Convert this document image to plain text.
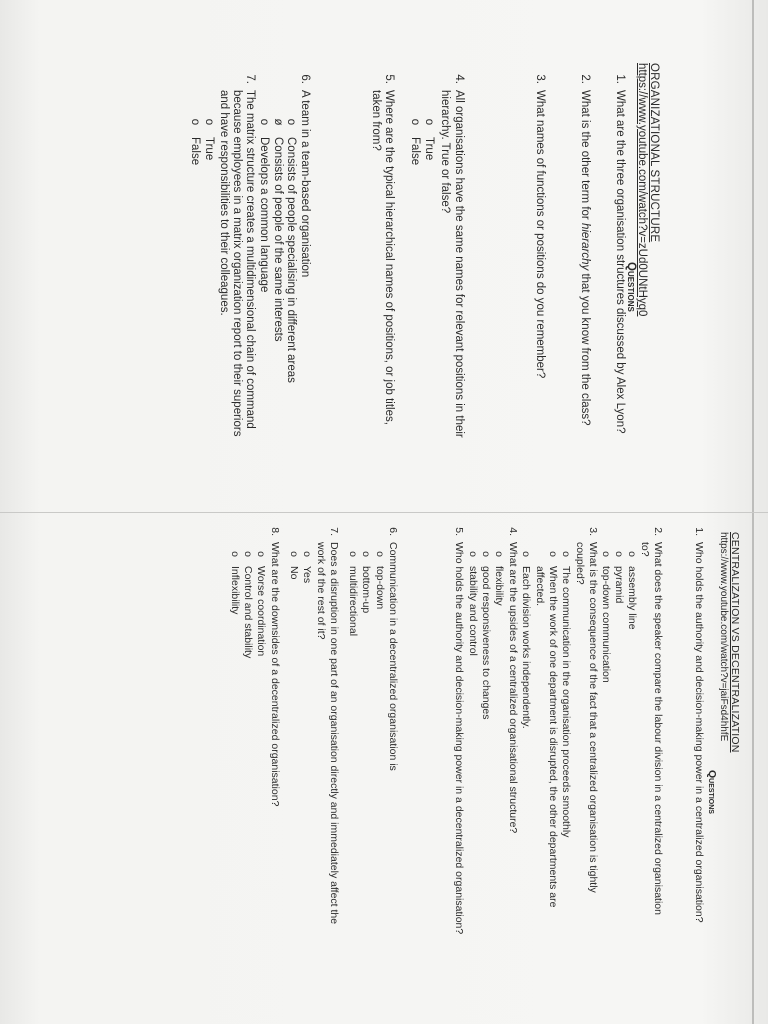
ORGANIZATIONAL STRUCTURE
https://www.youtube.com/watch?v=zUd0UNtHyq0
Questions
1.
What are the three organisation structures discussed by Alex Lyon?
2.
What is the other term for hierarchy that you know from the class?
3.
What names of functions or positions do you remember?
4.
All organisations have the same names for relevant positions in their
hierarchy. True or false?
o
True
o
False
5.
Where are the typical hierarchical names of positions, or job titles,
taken from?
6.
A team in a team-based organisation
o
Consists of people specialising in different areas
ø
Consists of people of the same interests
o
Develops a common language
7.
The matrix structure creates a multidimensional chain of command
because employees in a matrix organization report to their superiors
and have responsibilities to their colleagues.
o
True
o
False
CENTRALIZATION VS DECENTRALIZATION
https://www.youtube.com/watch?v=jaiFsd4hhfE
Questions
1.
Who holds the authority and decision-making power in a centralized organisation?
2.
What does the speaker compare the labour division in a centralized organisation
to?
o
assembly line
o
pyramid
o
top-down communication
3.
What is the consequence of the fact that a centralized organisation is tightly
coupled?
o
The communication in the organisation proceeds smoothly
o
When the work of one department is disrupted, the other departments are
affected.
o
Each division works independently.
4.
What are the upsides of a centralized organisational structure?
o
flexibility
o
good responsiveness to changes
o
stability and control
5.
Who holds the authority and decision-making power in a decentralized organisation?
6.
Communication in a decentralized organisation is
o
top-down
o
bottom-up
o
multidirectional
7.
Does a disruption in one part of an organisation directly and immediately affect the
work of the rest of it?
o
Yes
o
No
8.
What are the downsides of a decentralized organisation?
o
Worse coordination
o
Control and stability
o
Inflexibility
